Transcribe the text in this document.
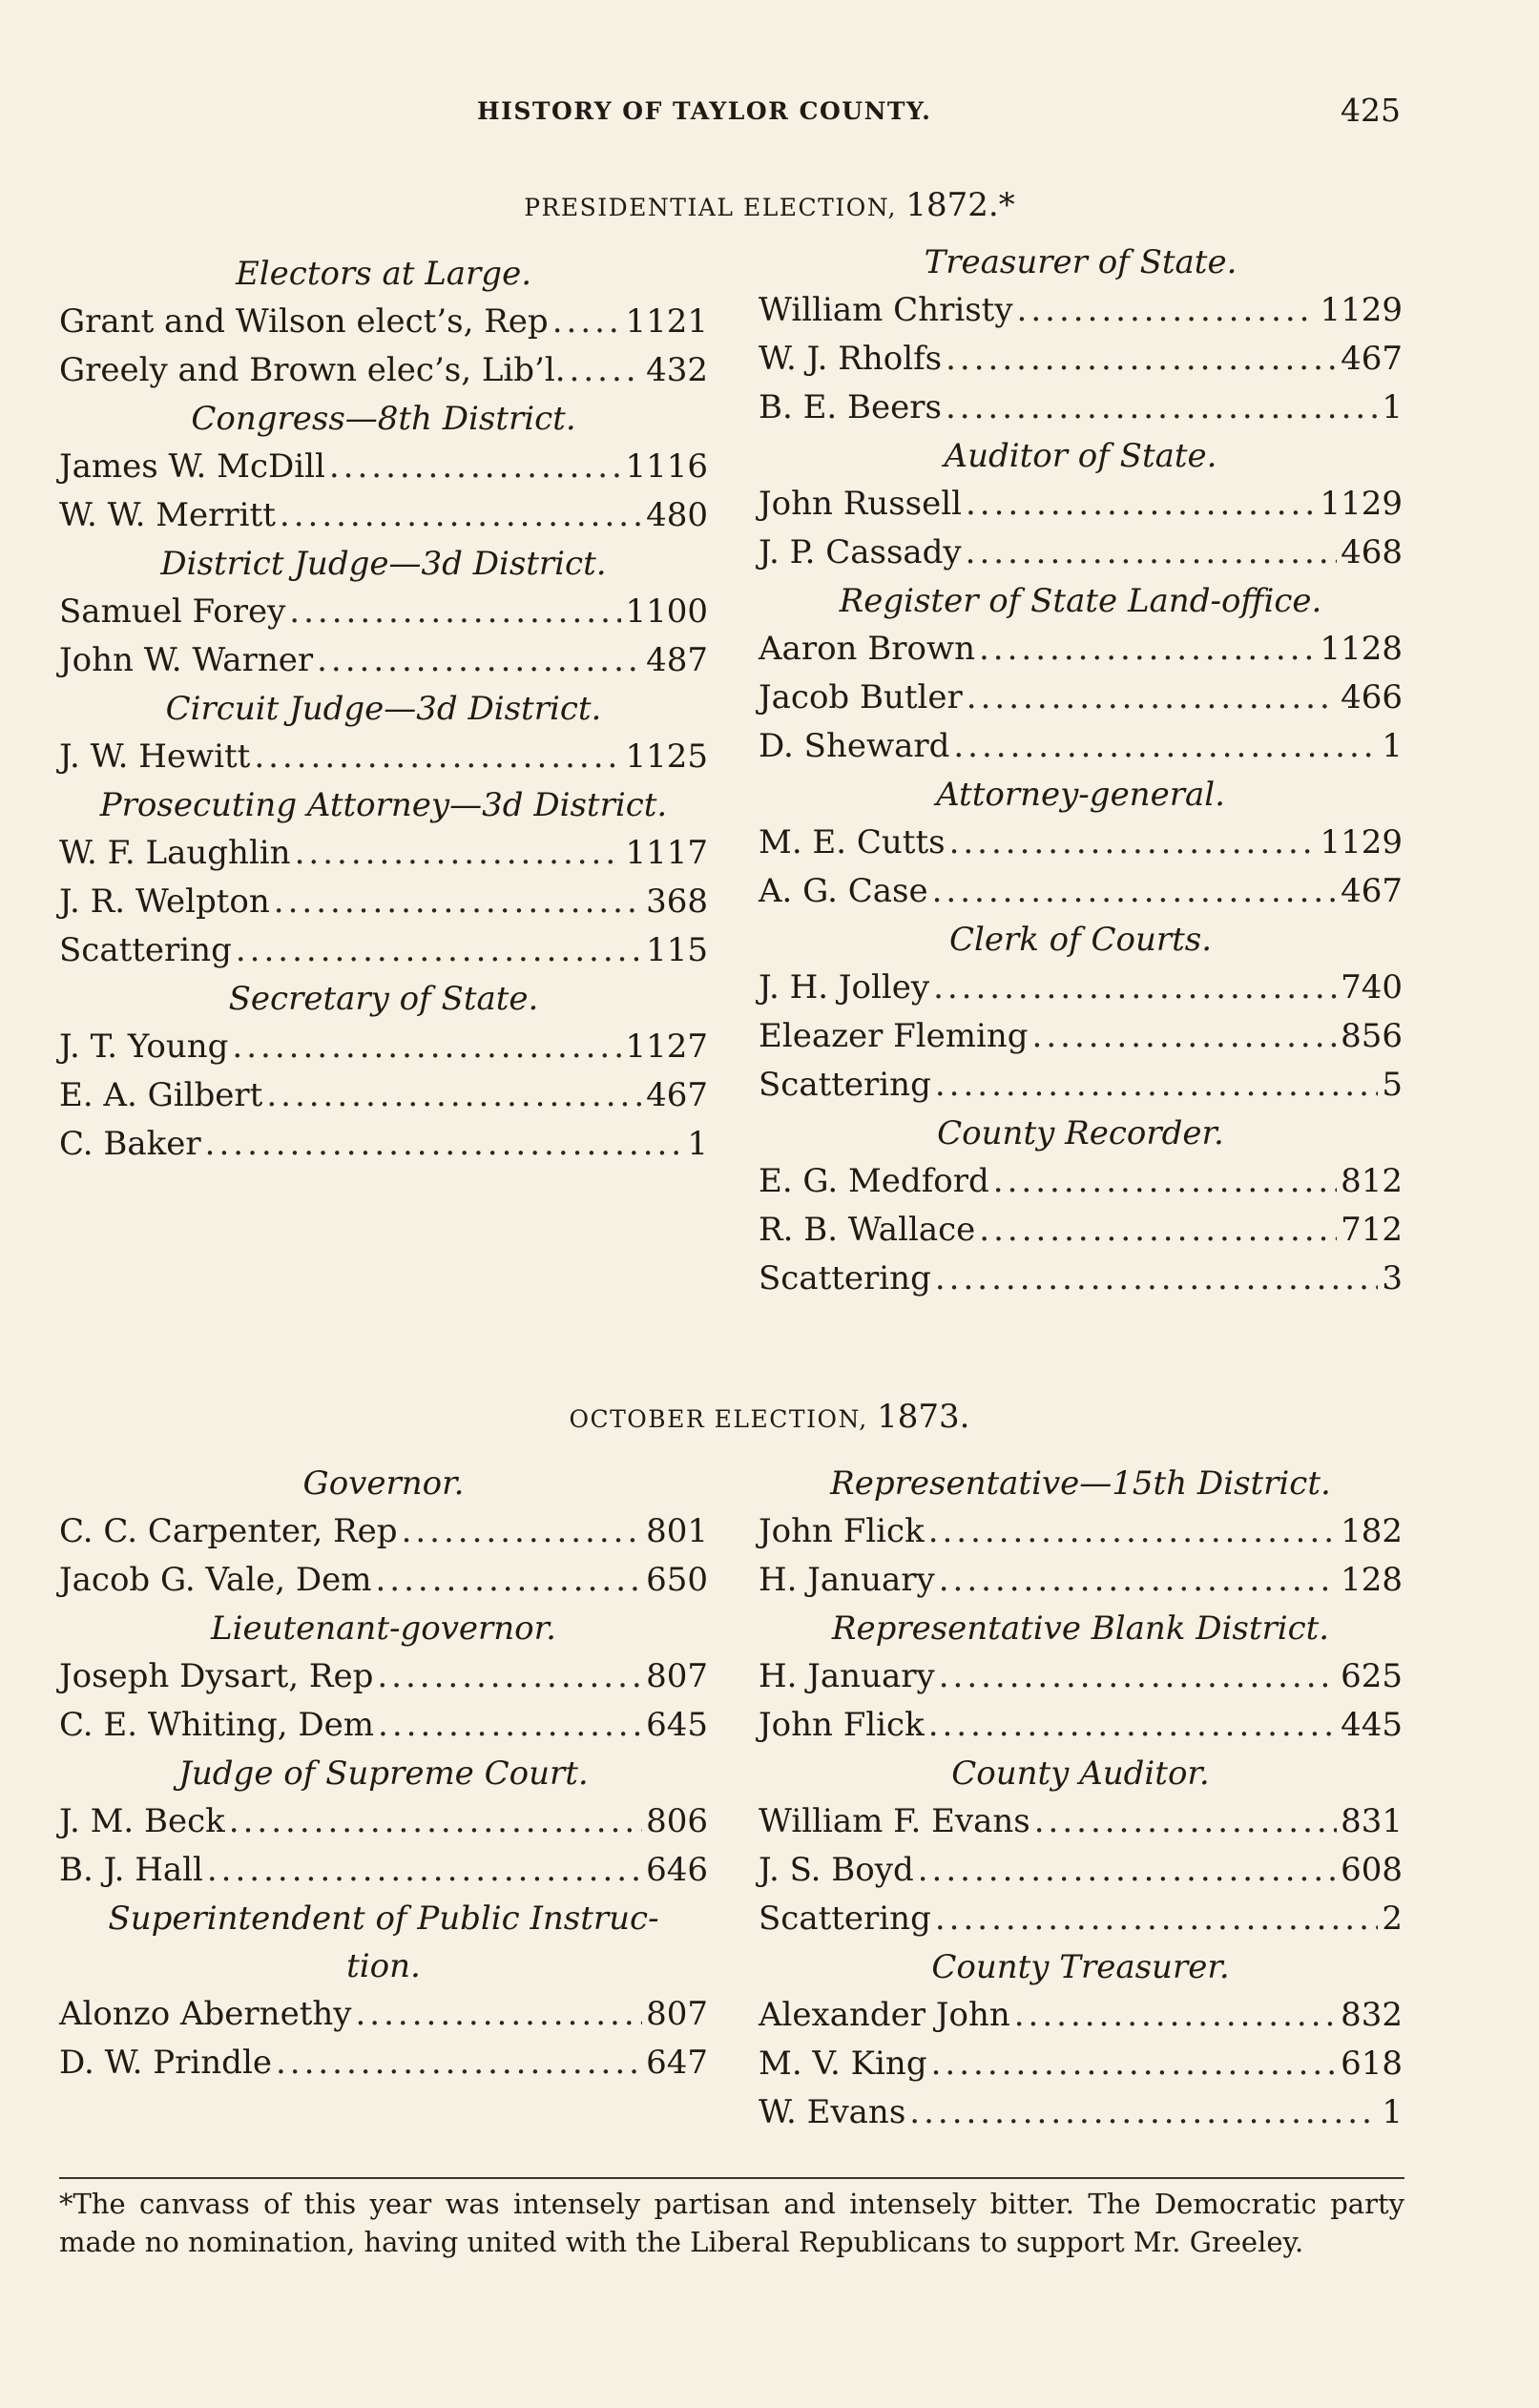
HISTORY OF TAYLOR COUNTY.	425
PRESIDENTIAL ELECTION, 1872.*
Electors at Large.
Grant and Wilson elect’s, Rep ..... 1121
Greely and Brown elec’s, Lib’l. ..... 432
Congress—8th District.
James W. McDill .....	1116
W. W. Merritt .....	480
District Judge—3d District.
Samuel Forey .....	1100
John W. Warner .....	487
Circuit Judge—3d District.
J. W. Hewitt .....	1125
Prosecuting Attorney—3d District.
W. F. Laughlin .....	1117
J. R. Welpton .....	368
Scattering .....	115
Secretary of State.
J. T. Young .....	1127
E. A. Gilbert .....	467
C. Baker .....	1
Treasurer of State.
William Christy .....	1129
W. J. Rholfs .....	467
B. E. Beers .....	1
Auditor of State.
John Russell .....	1129
J. P. Cassady .....	468
Register of State Land-office.
Aaron Brown .....	1128
Jacob Butler .....	466
D. Sheward .....	1
Attorney-general.
M. E. Cutts .....	1129
A. G. Case .....	467
Clerk of Courts.
J. H. Jolley .....	740
Eleazer Fleming .....	856
Scattering .....	5
County Recorder.
E. G. Medford .....	812
R. B. Wallace .....	712
Scattering .....	3
OCTOBER ELECTION, 1873.
Governor.
C. C. Carpenter, Rep .....	801
Jacob G. Vale, Dem .....	650
Lieutenant-governor.
Joseph Dysart, Rep .....	807
C. E. Whiting, Dem .....	645
Judge of Supreme Court.
J. M. Beck .....	806
B. J. Hall .....	646
Superintendent of Public Instruc-
tion.
Alonzo Abernethy .....	807
D. W. Prindle .....	647
Representative—15th District.
John Flick .....	182
H. January .....	128
Representative Blank District.
H. January .....	625
John Flick .....	445
County Auditor.
William F. Evans .....	831
J. S. Boyd .....	608
Scattering .....	2
County Treasurer.
Alexander John .....	832
M. V. King .....	618
W. Evans .....	1
*The canvass of this year was intensely partisan and intensely bitter. The Democratic party made no nomination, having united with the Liberal Republicans to support Mr. Greeley.
